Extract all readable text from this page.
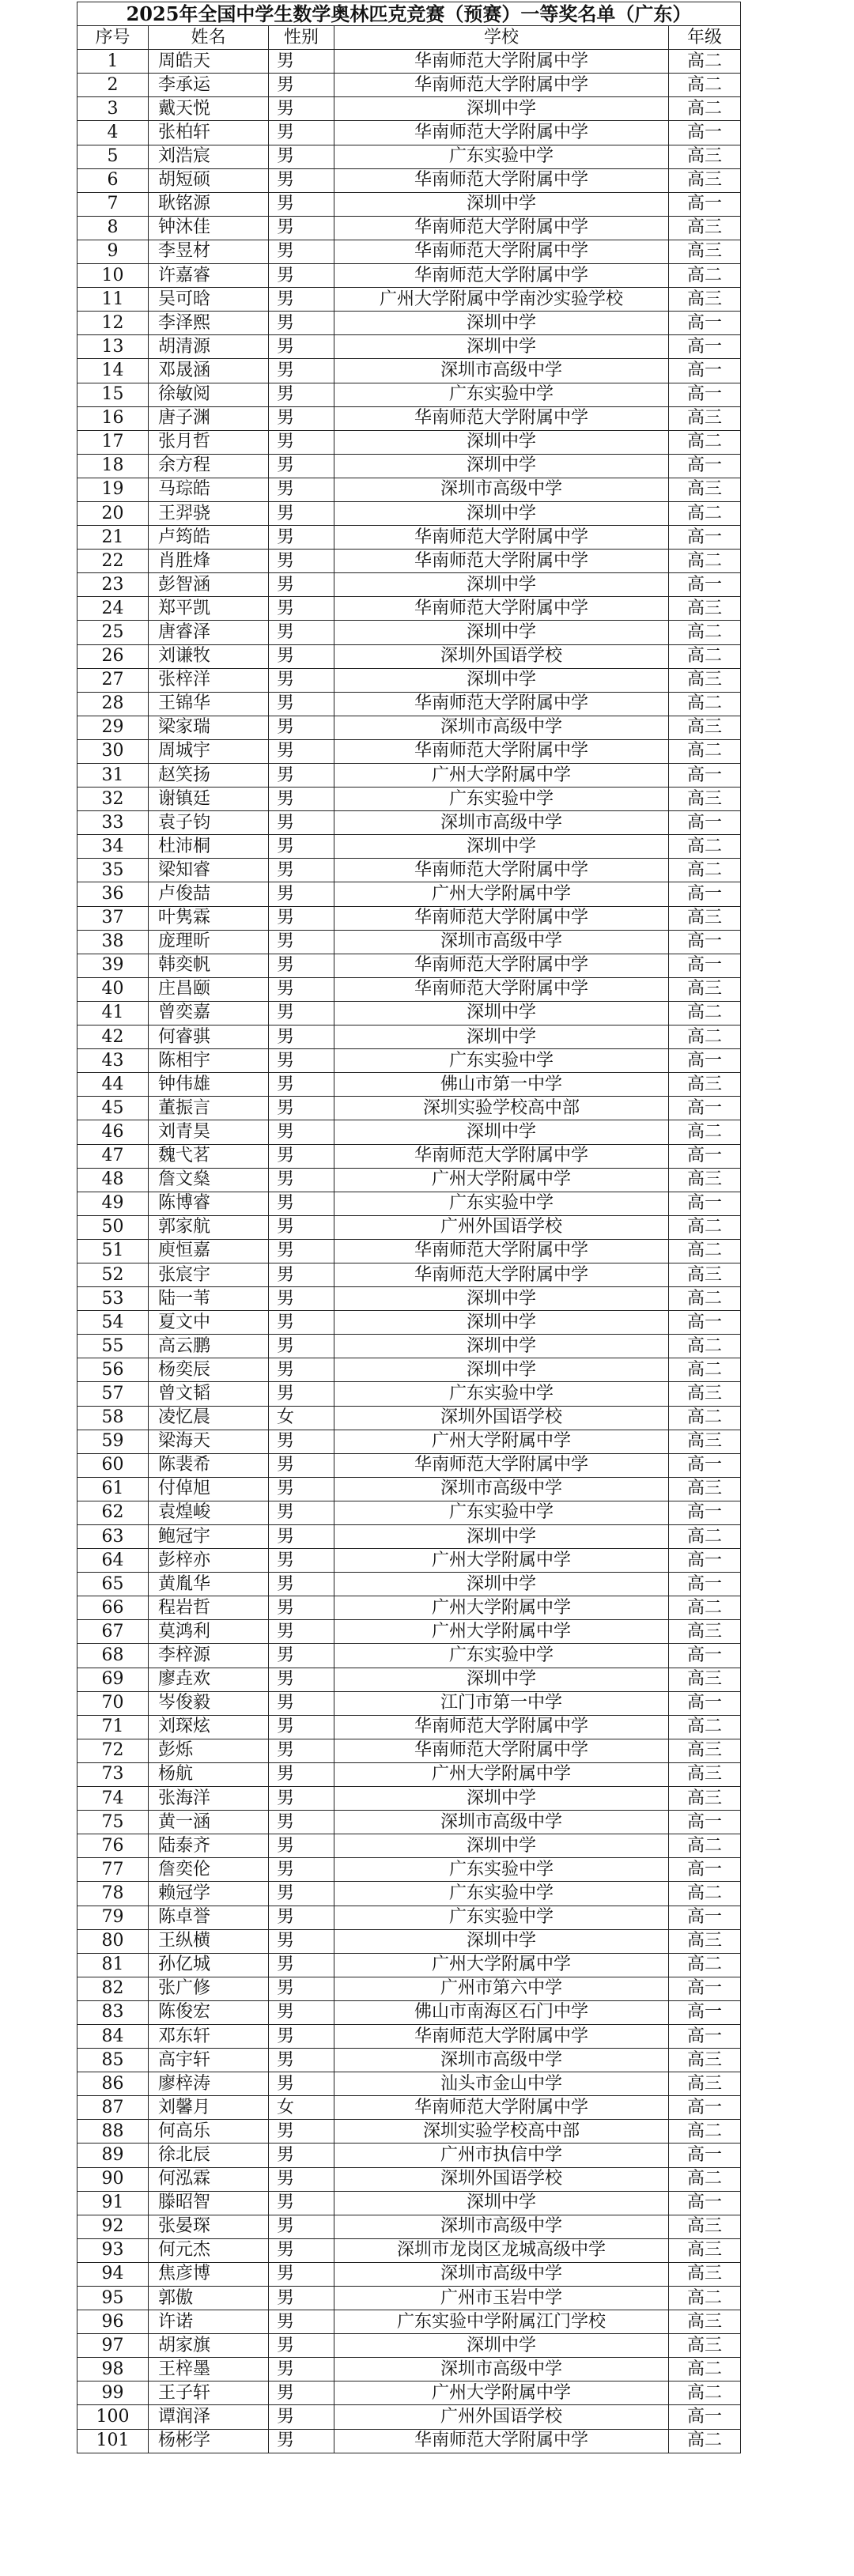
2025年全国中学生数学奥林匹克竞赛（预赛）一等奖名单（广东）				
序号	姓名	性别	学校	年级
1	周皓天	男	华南师范大学附属中学	高二
2	李承运	男	华南师范大学附属中学	高二
3	戴天悦	男	深圳中学	高二
4	张柏轩	男	华南师范大学附属中学	高一
5	刘浩宸	男	广东实验中学	高三
6	胡短硕	男	华南师范大学附属中学	高三
7	耿铭源	男	深圳中学	高一
8	钟沐佳	男	华南师范大学附属中学	高三
9	李昱材	男	华南师范大学附属中学	高三
10	许嘉睿	男	华南师范大学附属中学	高二
11	吴可晗	男	广州大学附属中学南沙实验学校	高三
12	李泽熙	男	深圳中学	高一
13	胡清源	男	深圳中学	高一
14	邓晟涵	男	深圳市高级中学	高一
15	徐敏阅	男	广东实验中学	高一
16	唐子渊	男	华南师范大学附属中学	高三
17	张月哲	男	深圳中学	高二
18	余方程	男	深圳中学	高一
19	马琮皓	男	深圳市高级中学	高三
20	王羿骁	男	深圳中学	高二
21	卢筠皓	男	华南师范大学附属中学	高一
22	肖胜烽	男	华南师范大学附属中学	高二
23	彭智涵	男	深圳中学	高一
24	郑平凯	男	华南师范大学附属中学	高三
25	唐睿泽	男	深圳中学	高二
26	刘谦牧	男	深圳外国语学校	高二
27	张梓洋	男	深圳中学	高三
28	王锦华	男	华南师范大学附属中学	高二
29	梁家瑞	男	深圳市高级中学	高三
30	周城宇	男	华南师范大学附属中学	高二
31	赵笑扬	男	广州大学附属中学	高一
32	谢镇廷	男	广东实验中学	高三
33	袁子钧	男	深圳市高级中学	高一
34	杜沛桐	男	深圳中学	高二
35	梁知睿	男	华南师范大学附属中学	高二
36	卢俊喆	男	广州大学附属中学	高一
37	叶隽霖	男	华南师范大学附属中学	高三
38	庞理昕	男	深圳市高级中学	高一
39	韩奕帆	男	华南师范大学附属中学	高一
40	庄昌颐	男	华南师范大学附属中学	高三
41	曾奕嘉	男	深圳中学	高二
42	何睿骐	男	深圳中学	高二
43	陈相宇	男	广东实验中学	高一
44	钟伟雄	男	佛山市第一中学	高三
45	董振言	男	深圳实验学校高中部	高一
46	刘青昊	男	深圳中学	高二
47	魏弋茗	男	华南师范大学附属中学	高一
48	詹文燊	男	广州大学附属中学	高三
49	陈博睿	男	广东实验中学	高一
50	郭家航	男	广州外国语学校	高二
51	庾恒嘉	男	华南师范大学附属中学	高二
52	张宸宇	男	华南师范大学附属中学	高三
53	陆一苇	男	深圳中学	高二
54	夏文中	男	深圳中学	高一
55	高云鹏	男	深圳中学	高二
56	杨奕辰	男	深圳中学	高二
57	曾文韬	男	广东实验中学	高三
58	凌忆晨	女	深圳外国语学校	高二
59	梁海天	男	广州大学附属中学	高三
60	陈裴希	男	华南师范大学附属中学	高一
61	付倬旭	男	深圳市高级中学	高三
62	袁煌峻	男	广东实验中学	高一
63	鲍冠宇	男	深圳中学	高二
64	彭梓亦	男	广州大学附属中学	高一
65	黄胤华	男	深圳中学	高一
66	程岩哲	男	广州大学附属中学	高二
67	莫鸿利	男	广州大学附属中学	高三
68	李梓源	男	广东实验中学	高一
69	廖垚欢	男	深圳中学	高三
70	岑俊毅	男	江门市第一中学	高一
71	刘琛炫	男	华南师范大学附属中学	高二
72	彭烁	男	华南师范大学附属中学	高三
73	杨航	男	广州大学附属中学	高三
74	张海洋	男	深圳中学	高三
75	黄一涵	男	深圳市高级中学	高一
76	陆泰齐	男	深圳中学	高二
77	詹奕伦	男	广东实验中学	高一
78	赖冠学	男	广东实验中学	高二
79	陈卓誉	男	广东实验中学	高一
80	王纵横	男	深圳中学	高三
81	孙亿城	男	广州大学附属中学	高二
82	张广修	男	广州市第六中学	高一
83	陈俊宏	男	佛山市南海区石门中学	高一
84	邓东轩	男	华南师范大学附属中学	高一
85	高宇轩	男	深圳市高级中学	高三
86	廖梓涛	男	汕头市金山中学	高三
87	刘馨月	女	华南师范大学附属中学	高一
88	何高乐	男	深圳实验学校高中部	高二
89	徐北辰	男	广州市执信中学	高一
90	何泓霖	男	深圳外国语学校	高二
91	滕昭智	男	深圳中学	高一
92	张晏琛	男	深圳市高级中学	高三
93	何元杰	男	深圳市龙岗区龙城高级中学	高三
94	焦彦博	男	深圳市高级中学	高三
95	郭傲	男	广州市玉岩中学	高二
96	许诺	男	广东实验中学附属江门学校	高三
97	胡家旗	男	深圳中学	高三
98	王梓墨	男	深圳市高级中学	高二
99	王子轩	男	广州大学附属中学	高二
100	谭润泽	男	广州外国语学校	高一
101	杨彬学	男	华南师范大学附属中学	高二
